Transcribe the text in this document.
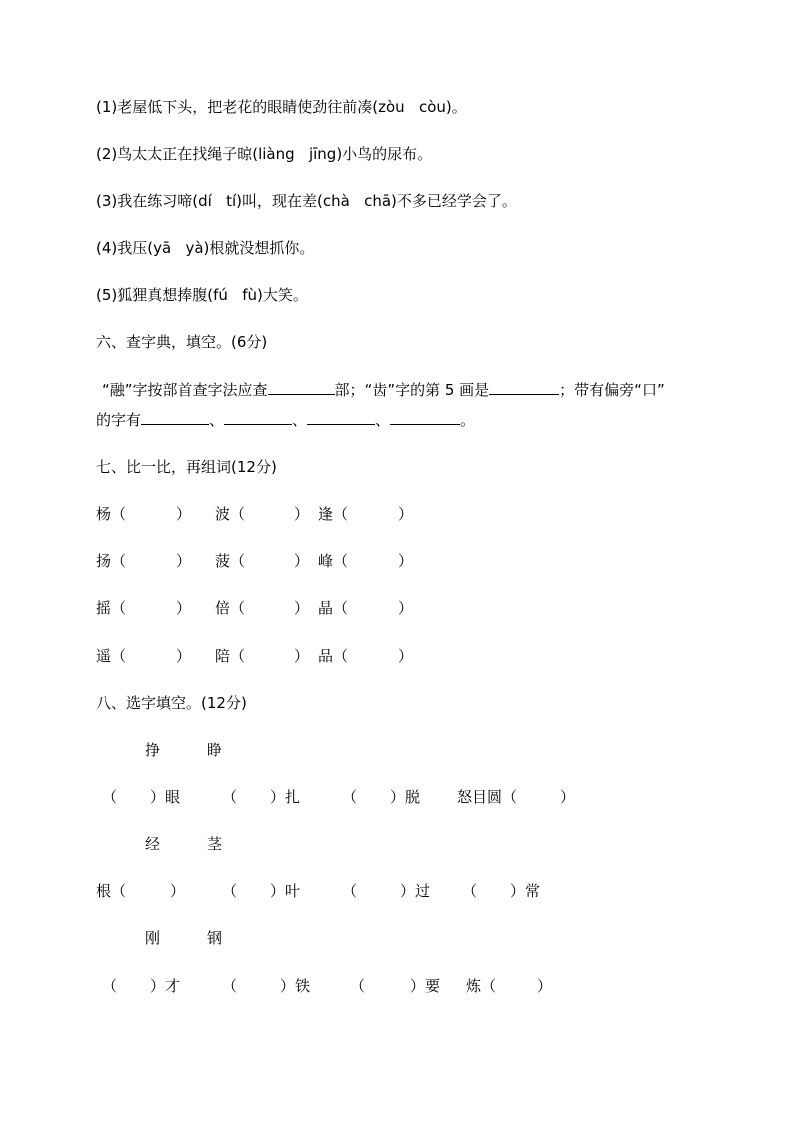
(1)老屋低下头，把老花的眼睛使劲往前凑(zòu   còu)。
(2)鸟太太正在找绳子晾(liàng   jīng)小鸟的尿布。
(3)我在练习啼(dí   tí)叫，现在差(chà   chā)不多已经学会了。
(4)我压(yā   yà)根就没想抓你。
(5)狐狸真想捧腹(fú   fù)大笑。
六、查字典，填空。(6分)
“融”字按部首查字法应查	部；“齿”字的第 5 画是	；带有偏旁“口”
的字有	、	、	、	。
七、比一比，再组词(12分)
杨（	） 波（	） 逢（	）
扬（	） 菠（	） 峰（	）
摇（	） 倍（	） 晶（	）
遥（	） 陪（	） 品（	）
八、选字填空。(12分)
挣	睁
（ ）眼	（ ）扎	（ ）脱 怒目圆（	）
经	茎
根（	） （ ）叶	（	）过 （ ）常
刚	钢
（ ）才	（	）铁	（	）要 炼（	）
